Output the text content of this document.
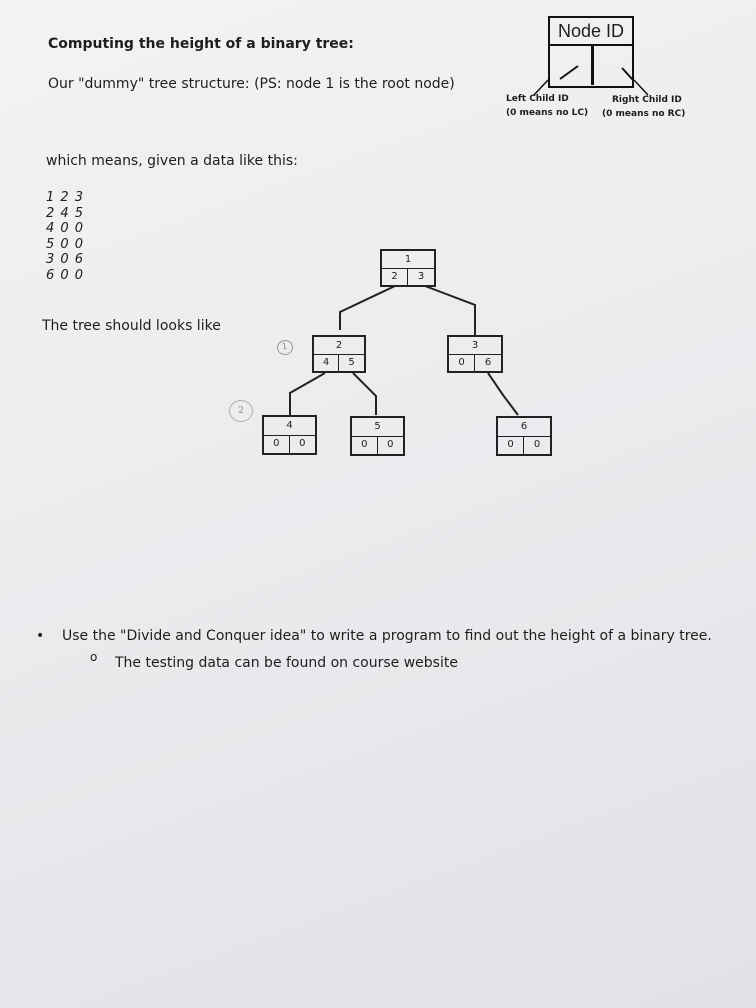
Computing the height of a binary tree:

Our "dummy" tree structure: (PS: node 1 is the root node)

Node ID
Left Child ID
(0 means no LC)
Right Child ID
(0 means no RC)

which means, given a data like this:

1 2 3
2 4 5
4 0 0
5 0 0
3 0 6
6 0 0

The tree should looks like

1
2	3
2
4	5
3
0	6
4
0	0
5
0	0
6
0	0
1
2
• Use the "Divide and Conquer idea" to write a program to find out the height of a binary tree.
o The testing data can be found on course website
